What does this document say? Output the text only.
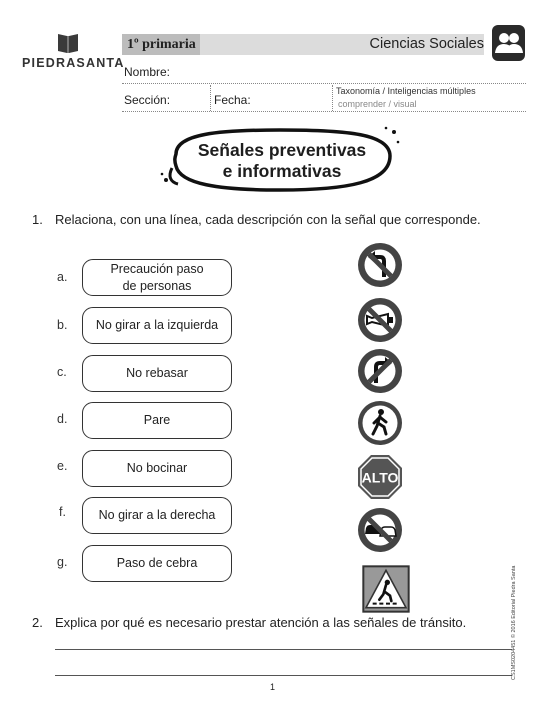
PIEDRASANTA
1º primaria	Ciencias Sociales
Nombre:
Sección:	Fecha:
Taxonomía / Inteligencias múltiples
comprender / visual
Señales preventivas
e informativas
1. Relaciona, con una línea, cada descripción con la señal que corresponde.
a.
Precaución paso
de personas
b. No girar a la izquierda
c.	No rebasar
d.	Pare
e.	No bocinar
f.	No girar a la derecha
g.	Paso de cebra
ALTO
2. Explica por qué es necesario prestar atención a las señales de tránsito.
1
CS1MS0204451 © 2016 Editorial Piedra Santa
